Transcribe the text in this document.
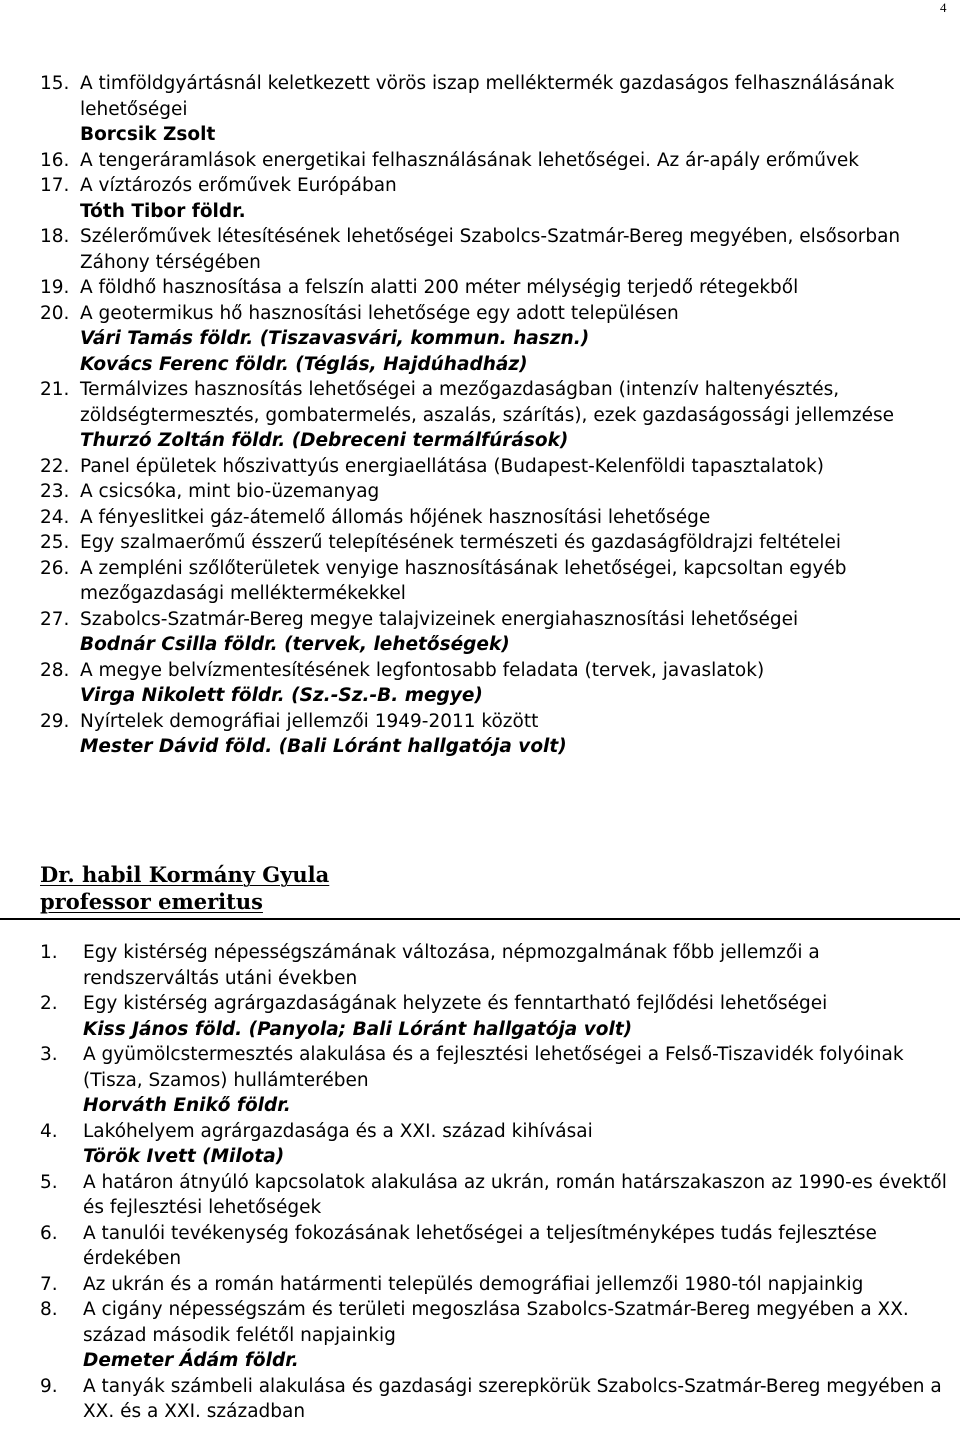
4
15. A timföldgyártásnál keletkezett vörös iszap melléktermék gazdaságos felhasználásának lehetőségei
Borcsik Zsolt
16. A tengeráramlások energetikai felhasználásának lehetőségei. Az ár-apály erőművek
17. A víztározós erőművek Európában
Tóth Tibor földr.
18. Szélerőművek létesítésének lehetőségei Szabolcs-Szatmár-Bereg megyében, elsősorban Záhony térségében
19. A földhő hasznosítása a felszín alatti 200 méter mélységig terjedő rétegekből
20. A geotermikus hő hasznosítási lehetősége egy adott településen
Vári Tamás földr. (Tiszavasvári, kommun. haszn.)
Kovács Ferenc földr. (Téglás, Hajdúhadház)
21. Termálvizes hasznosítás lehetőségei a mezőgazdaságban (intenzív haltenyésztés, zöldségtermesztés, gombatermelés, aszalás, szárítás), ezek gazdaságossági jellemzése
Thurzó Zoltán földr. (Debreceni termálfúrások)
22. Panel épületek hőszivattyús energiaellátása (Budapest-Kelenföldi tapasztalatok)
23. A csicsóka, mint bio-üzemanyag
24. A fényeslitkei gáz-átemelő állomás hőjének hasznosítási lehetősége
25. Egy szalmaerőmű ésszerű telepítésének természeti és gazdaságföldrajzi feltételei
26. A zempléni szőlőterületek venyige hasznosításának lehetőségei, kapcsoltan egyéb mezőgazdasági melléktermékekkel
27. Szabolcs-Szatmár-Bereg megye talajvizeinek energiahasznosítási lehetőségei
Bodnár Csilla földr. (tervek, lehetőségek)
28. A megye belvízmentesítésének legfontosabb feladata (tervek, javaslatok)
Virga Nikolett földr. (Sz.-Sz.-B. megye)
29. Nyírtelek demográfiai jellemzői 1949-2011 között
Mester Dávid föld. (Bali Lóránt hallgatója volt)
Dr. habil Kormány Gyula
professor emeritus
1.	Egy kistérség népességszámának változása, népmozgalmának főbb jellemzői a rendszerváltás utáni években
2.	Egy kistérség agrárgazdaságának helyzete és fenntartható fejlődési lehetőségei
Kiss János föld. (Panyola; Bali Lóránt hallgatója volt)
3.	A gyümölcstermesztés alakulása és a fejlesztési lehetőségei a Felső-Tiszavidék folyóinak (Tisza, Szamos) hullámterében
Horváth Enikő földr.
4.	Lakóhelyem agrárgazdasága és a XXI. század kihívásai
Török Ivett (Milota)
5.	A határon átnyúló kapcsolatok alakulása az ukrán, román határszakaszon az 1990-es évektől és fejlesztési lehetőségek
6.	A tanulói tevékenység fokozásának lehetőségei a teljesítményképes tudás fejlesztése érdekében
7.	Az ukrán és a román határmenti település demográfiai jellemzői 1980-tól napjainkig
8.	A cigány népességszám és területi megoszlása Szabolcs-Szatmár-Bereg megyében a XX. század második felétől napjainkig
Demeter Ádám földr.
9.	A tanyák számbeli alakulása és gazdasági szerepkörük Szabolcs-Szatmár-Bereg megyében a XX. és a XXI. században
